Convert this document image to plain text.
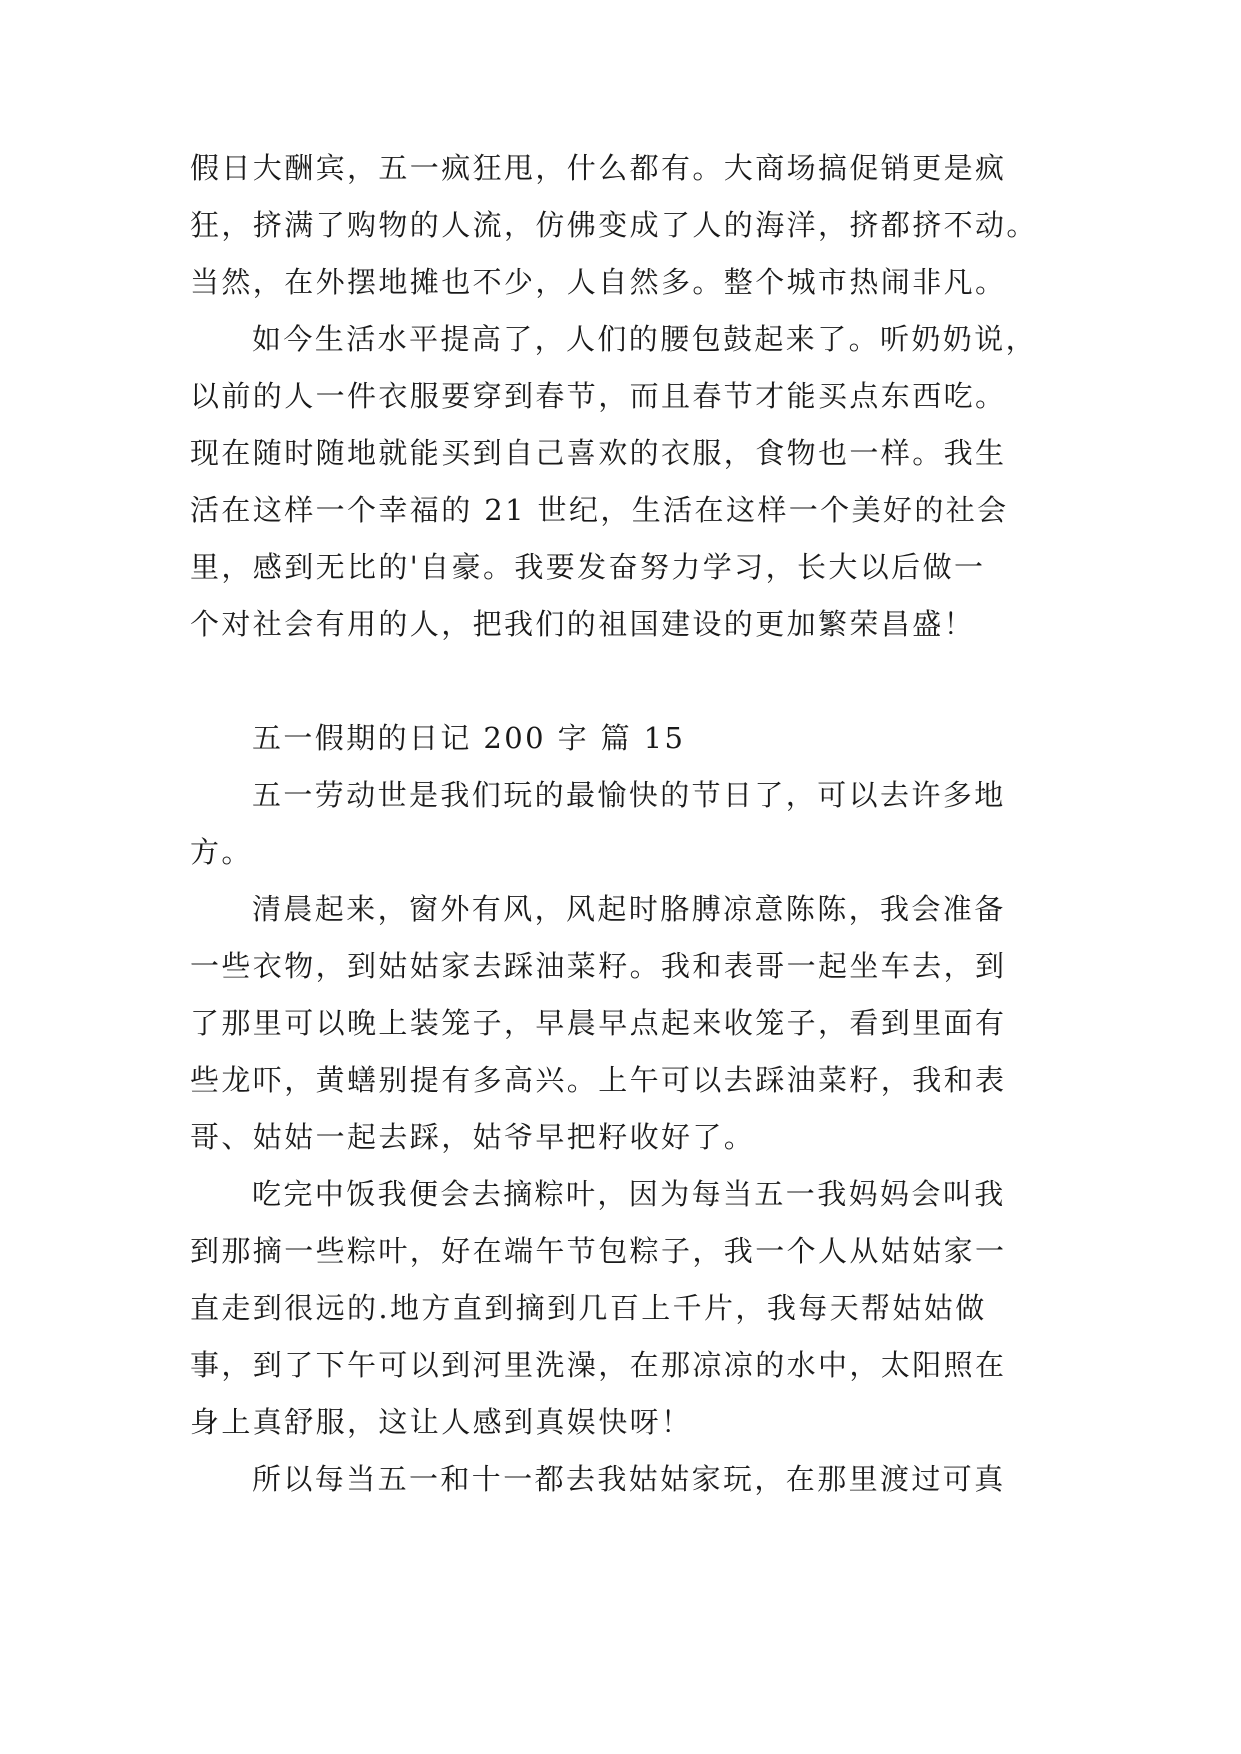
假日大酬宾，五一疯狂甩，什么都有。大商场搞促销更是疯
狂，挤满了购物的人流，仿佛变成了人的海洋，挤都挤不动。
当然，在外摆地摊也不少，人自然多。整个城市热闹非凡。
如今生活水平提高了，人们的腰包鼓起来了。听奶奶说，
以前的人一件衣服要穿到春节，而且春节才能买点东西吃。
现在随时随地就能买到自己喜欢的衣服，食物也一样。我生
活在这样一个幸福的 21 世纪，生活在这样一个美好的社会
里，感到无比的'自豪。我要发奋努力学习，长大以后做一
个对社会有用的人，把我们的祖国建设的更加繁荣昌盛！
五一假期的日记 200 字 篇 15
五一劳动世是我们玩的最愉快的节日了，可以去许多地
方。
清晨起来，窗外有风，风起时胳膊凉意陈陈，我会准备
一些衣物，到姑姑家去踩油菜籽。我和表哥一起坐车去，到
了那里可以晚上装笼子，早晨早点起来收笼子，看到里面有
些龙吓，黄蟮别提有多高兴。上午可以去踩油菜籽，我和表
哥、姑姑一起去踩，姑爷早把籽收好了。
吃完中饭我便会去摘粽叶，因为每当五一我妈妈会叫我
到那摘一些粽叶，好在端午节包粽子，我一个人从姑姑家一
直走到很远的.地方直到摘到几百上千片，我每天帮姑姑做
事，到了下午可以到河里洗澡，在那凉凉的水中，太阳照在
身上真舒服，这让人感到真娱快呀！
所以每当五一和十一都去我姑姑家玩，在那里渡过可真
